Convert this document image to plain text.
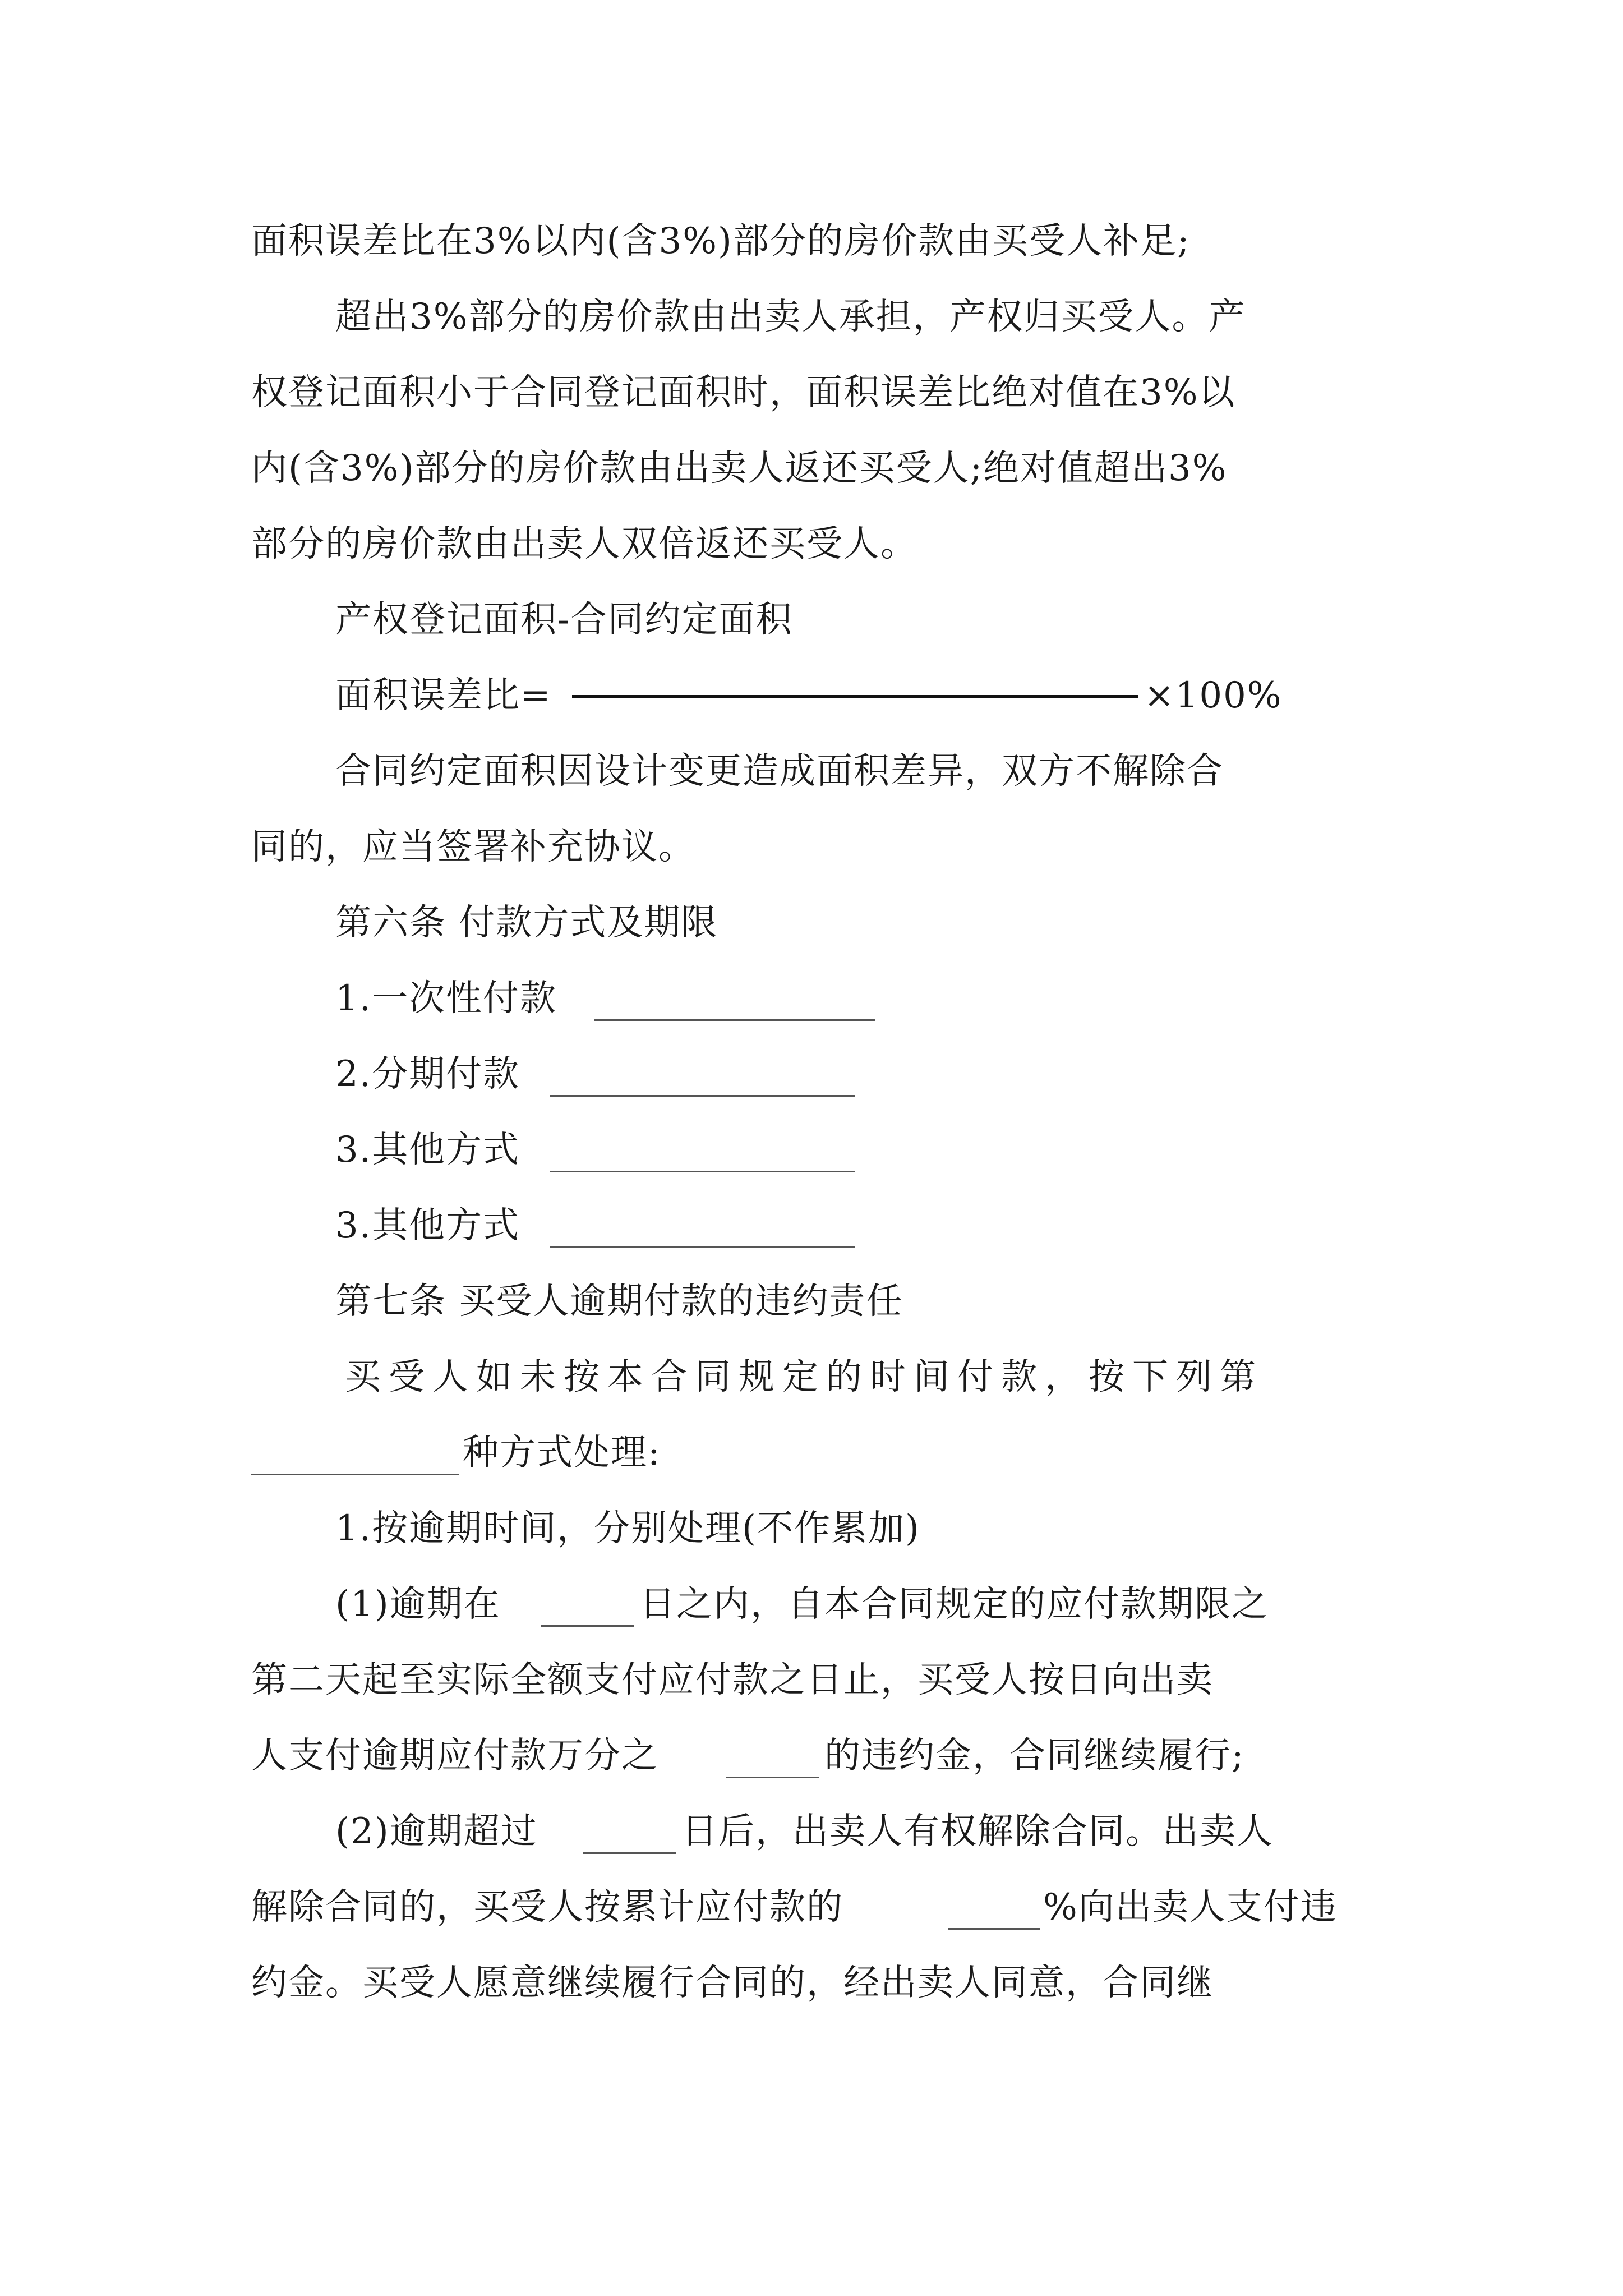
面积误差比在3%以内(含3%)部分的房价款由买受人补足;
超出3%部分的房价款由出卖人承担，产权归买受人。产
权登记面积小于合同登记面积时，面积误差比绝对值在3%以
内(含3%)部分的房价款由出卖人返还买受人;绝对值超出3%
部分的房价款由出卖人双倍返还买受人。
产权登记面积-合同约定面积
面积误差比=	×100%
合同约定面积因设计变更造成面积差异，双方不解除合
同的，应当签署补充协议。
第六条 付款方式及期限
1.一次性付款
2.分期付款
3.其他方式
3.其他方式
第七条 买受人逾期付款的违约责任
买受人如未按本合同规定的时间付款，按下列第
种方式处理:
1.按逾期时间，分别处理(不作累加)
(1)逾期在	日之内，自本合同规定的应付款期限之
第二天起至实际全额支付应付款之日止，买受人按日向出卖
人支付逾期应付款万分之	的违约金，合同继续履行;
(2)逾期超过	日后，出卖人有权解除合同。出卖人
解除合同的，买受人按累计应付款的	%向出卖人支付违
约金。买受人愿意继续履行合同的，经出卖人同意，合同继
